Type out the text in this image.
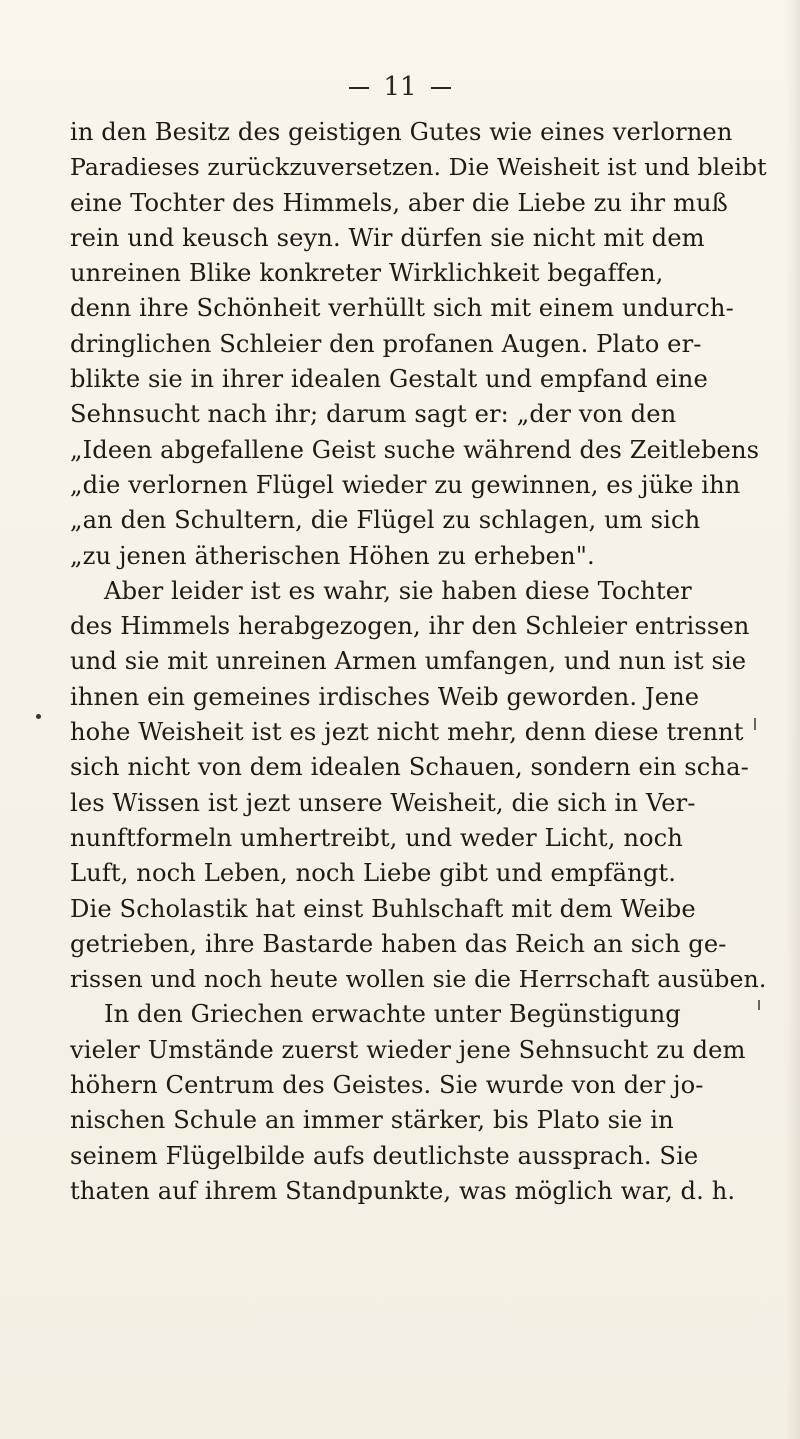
11
in den Besitz des geistigen Gutes wie eines verlornen
Paradieses zurückzuversetzen. Die Weisheit ist und bleibt
eine Tochter des Himmels, aber die Liebe zu ihr muß
rein und keusch seyn. Wir dürfen sie nicht mit dem
unreinen Blike konkreter Wirklichkeit begaffen,
denn ihre Schönheit verhüllt sich mit einem undurch-
dringlichen Schleier den profanen Augen. Plato er-
blikte sie in ihrer idealen Gestalt und empfand eine
Sehnsucht nach ihr; darum sagt er: „der von den
„Ideen abgefallene Geist suche während des Zeitlebens
„die verlornen Flügel wieder zu gewinnen, es jüke ihn
„an den Schultern, die Flügel zu schlagen, um sich
„zu jenen ätherischen Höhen zu erheben".
Aber leider ist es wahr, sie haben diese Tochter
des Himmels herabgezogen, ihr den Schleier entrissen
und sie mit unreinen Armen umfangen, und nun ist sie
ihnen ein gemeines irdisches Weib geworden. Jene
hohe Weisheit ist es jezt nicht mehr, denn diese trennt
sich nicht von dem idealen Schauen, sondern ein scha-
les Wissen ist jezt unsere Weisheit, die sich in Ver-
nunftformeln umhertreibt, und weder Licht, noch
Luft, noch Leben, noch Liebe gibt und empfängt.
Die Scholastik hat einst Buhlschaft mit dem Weibe
getrieben, ihre Bastarde haben das Reich an sich ge-
rissen und noch heute wollen sie die Herrschaft ausüben.
In den Griechen erwachte unter Begünstigung
vieler Umstände zuerst wieder jene Sehnsucht zu dem
höhern Centrum des Geistes. Sie wurde von der jo-
nischen Schule an immer stärker, bis Plato sie in
seinem Flügelbilde aufs deutlichste aussprach. Sie
thaten auf ihrem Standpunkte, was möglich war, d. h.
